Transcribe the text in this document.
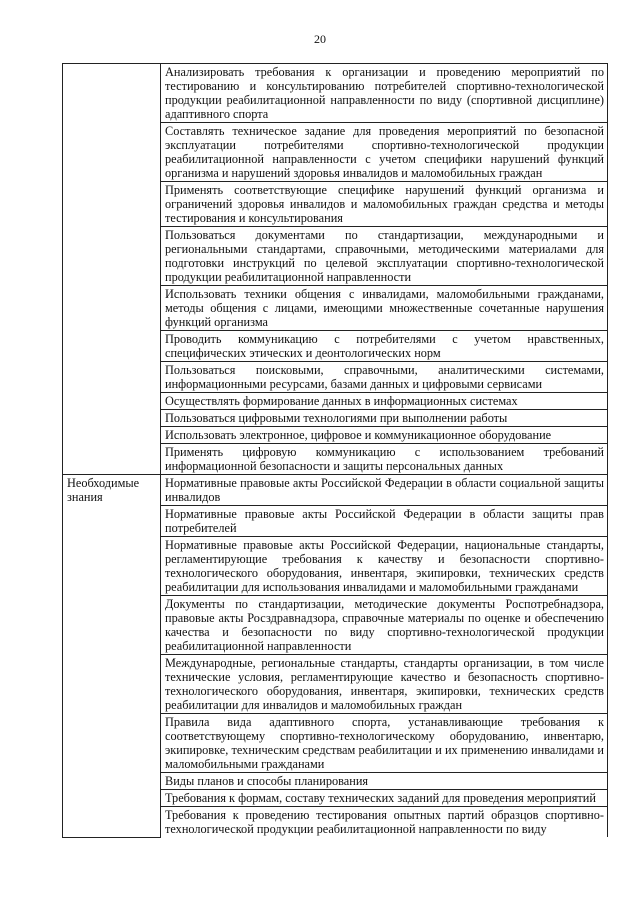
20
	Анализировать требования к организации и проведению мероприятий по тестированию и консультированию потребителей спортивно-технологической продукции реабилитационной направленности по виду (спортивной дисциплине) адаптивного спорта
	Составлять техническое задание для проведения мероприятий по безопасной эксплуатации потребителями спортивно-технологической продукции реабилитационной направленности с учетом специфики нарушений функций организма и нарушений здоровья инвалидов и маломобильных граждан
	Применять соответствующие специфике нарушений функций организма и ограничений здоровья инвалидов и маломобильных граждан средства и методы тестирования и консультирования
	Пользоваться документами по стандартизации, международными и региональными стандартами, справочными, методическими материалами для подготовки инструкций по целевой эксплуатации спортивно-технологической продукции реабилитационной направленности
	Использовать техники общения с инвалидами, маломобильными гражданами, методы общения с лицами, имеющими множественные сочетанные нарушения функций организма
	Проводить коммуникацию с потребителями с учетом нравственных, специфических этических и деонтологических норм
	Пользоваться поисковыми, справочными, аналитическими системами, информационными ресурсами, базами данных и цифровыми сервисами
	Осуществлять формирование данных в информационных системах
	Пользоваться цифровыми технологиями при выполнении работы
	Использовать электронное, цифровое и коммуникационное оборудование
	Применять цифровую коммуникацию с использованием требований информационной безопасности и защиты персональных данных
Необходимые знания	Нормативные правовые акты Российской Федерации в области социальной защиты инвалидов
	Нормативные правовые акты Российской Федерации в области защиты прав потребителей
	Нормативные правовые акты Российской Федерации, национальные стандарты, регламентирующие требования к качеству и безопасности спортивно-технологического оборудования, инвентаря, экипировки, технических средств реабилитации для использования инвалидами и маломобильными гражданами
	Документы по стандартизации, методические документы Роспотребнадзора, правовые акты Росздравнадзора, справочные материалы по оценке и обеспечению качества и безопасности по виду спортивно-технологической продукции реабилитационной направленности
	Международные, региональные стандарты, стандарты организации, в том числе технические условия, регламентирующие качество и безопасность спортивно-технологического оборудования, инвентаря, экипировки, технических средств реабилитации для инвалидов и маломобильных граждан
	Правила вида адаптивного спорта, устанавливающие требования к соответствующему спортивно-технологическому оборудованию, инвентарю, экипировке, техническим средствам реабилитации и их применению инвалидами и маломобильными гражданами
	Виды планов и способы планирования
	Требования к формам, составу технических заданий для проведения мероприятий

	Требования к проведению тестирования опытных партий образцов спортивно-технологической продукции реабилитационной направленности по виду
